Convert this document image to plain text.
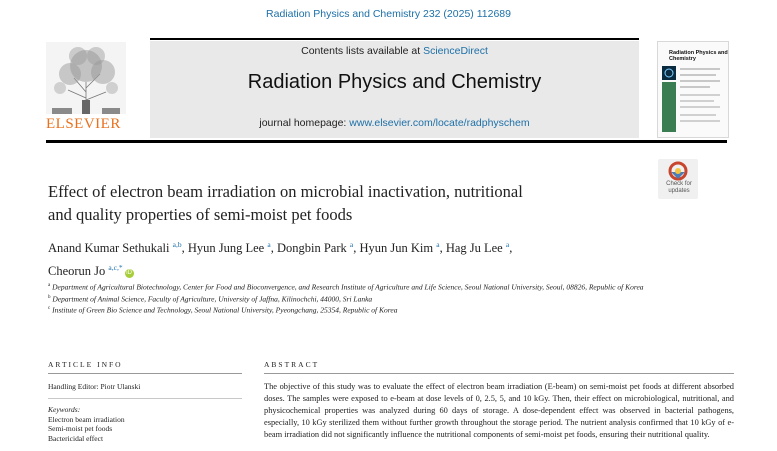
Radiation Physics and Chemistry 232 (2025) 112689
ELSEVIER
Contents lists available at ScienceDirect
Radiation Physics and Chemistry
journal homepage: www.elsevier.com/locate/radphyschem
Radiation Physics and
Chemistry
Effect of electron beam irradiation on microbial inactivation, nutritional
and quality properties of semi-moist pet foods
Check for
updates
Anand Kumar Sethukali $^{a,b}$, Hyun Jung Lee $^a$, Dongbin Park $^a$, Hyun Jun Kim $^a$, Hag Ju Lee $^a$,
Cheorun Jo $^{a,c,*}$iD
$^a$ Department of Agricultural Biotechnology, Center for Food and Bioconvergence, and Research Institute of Agriculture and Life Science, Seoul National University, Seoul, 08826, Republic of Korea
$^b$ Department of Animal Science, Faculty of Agriculture, University of Jaffna, Kilinochchi, 44000, Sri Lanka
$^c$ Institute of Green Bio Science and Technology, Seoul National University, Pyeongchang, 25354, Republic of Korea
ARTICLE INFO
Handling Editor: Piotr Ulanski
Keywords:
Electron beam irradiation
Semi-moist pet foods
Bactericidal effect
ABSTRACT
The objective of this study was to evaluate the effect of electron beam irradiation (E-beam) on semi-moist pet foods at different absorbed doses. The samples were exposed to e-beam at dose levels of 0, 2.5, 5, and 10 kGy. Then, their effect on microbiological, nutritional, and physicochemical properties was analyzed during 60 days of storage. A dose-dependent effect was observed in bacterial pathogens, especially, 10 kGy sterilized them without further growth throughout the storage period. The nutrient analysis confirmed that 10 kGy of e-beam irradiation did not significantly influence the nutritional components of semi-moist pet foods, ensuring their nutritional quality.
